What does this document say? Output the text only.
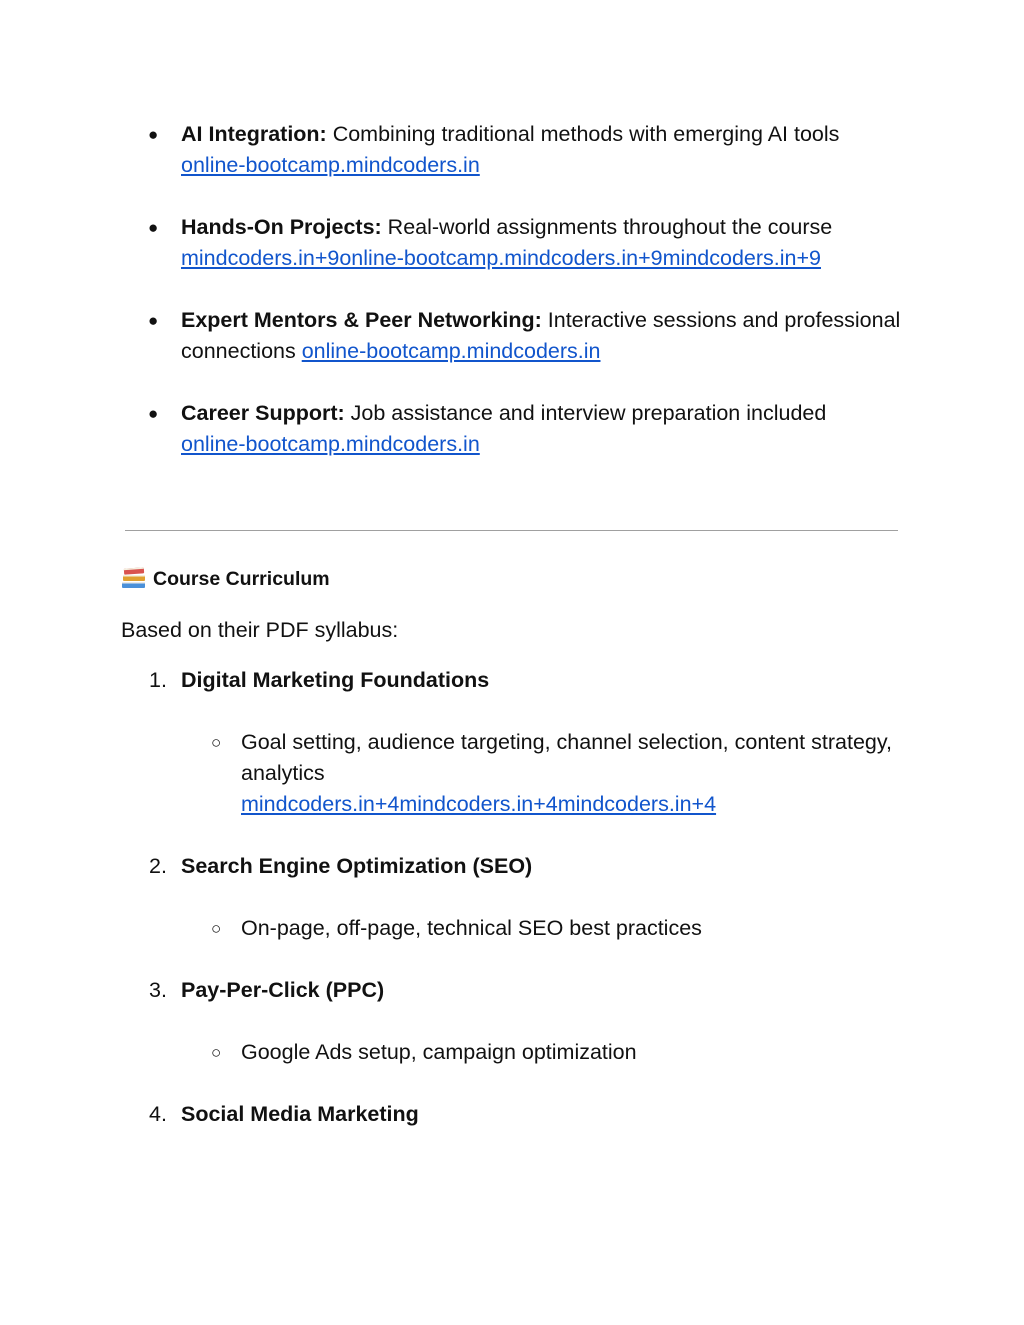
● AI Integration: Combining traditional methods with emerging AI tools
online-bootcamp.mindcoders.in
● Hands-On Projects: Real-world assignments throughout the course
mindcoders.in+9online-bootcamp.mindcoders.in+9mindcoders.in+9
● Expert Mentors & Peer Networking: Interactive sessions and professional connections online-bootcamp.mindcoders.in
● Career Support: Job assistance and interview preparation included
online-bootcamp.mindcoders.in
Course Curriculum
Based on their PDF syllabus:
1. Digital Marketing Foundations
○ Goal setting, audience targeting, channel selection, content strategy, analytics
mindcoders.in+4mindcoders.in+4mindcoders.in+4
2. Search Engine Optimization (SEO)
○ On-page, off-page, technical SEO best practices
3. Pay‑Per‑Click (PPC)
○ Google Ads setup, campaign optimization
4. Social Media Marketing
